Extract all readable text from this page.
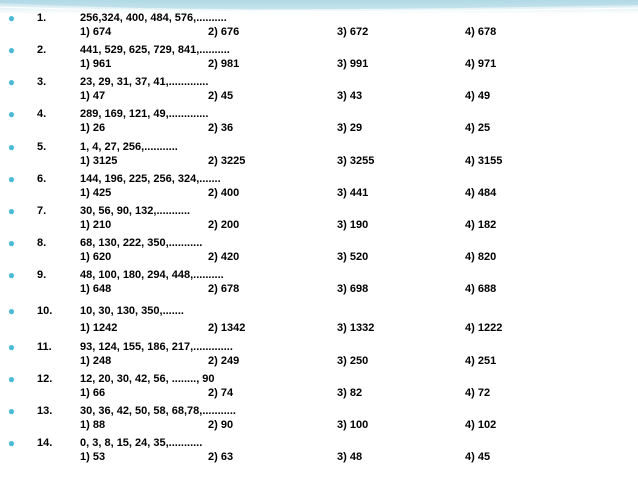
● 1.	256,324, 400, 484, 576,..........
1) 674	2) 676	3) 672	4) 678
● 2.	441, 529, 625, 729, 841,..........
1) 961	2) 981	3) 991	4) 971
● 3.	23, 29, 31, 37, 41,.............
1) 47	2) 45	3) 43	4) 49
● 4.	289, 169, 121, 49,.............
1) 26	2) 36	3) 29	4) 25
● 5.	1, 4, 27, 256,...........
1) 3125	2) 3225	3) 3255	4) 3155
● 6.	144, 196, 225, 256, 324,.......
1) 425	2) 400	3) 441	4) 484
● 7.	30, 56, 90, 132,...........
1) 210	2) 200	3) 190	4) 182
● 8.	68, 130, 222, 350,...........
1) 620	2) 420	3) 520	4) 820
● 9.	48, 100, 180, 294, 448,..........
1) 648	2) 678	3) 698	4) 688
● 10.	10, 30, 130, 350,.......
1) 1242	2) 1342	3) 1332	4) 1222
● 11.	93, 124, 155, 186, 217,.............
1) 248	2) 249	3) 250	4) 251
● 12.	12, 20, 30, 42, 56, ........, 90
1) 66	2) 74	3) 82	4) 72
● 13.	30, 36, 42, 50, 58, 68,78,...........
1) 88	2) 90	3) 100	4) 102
● 14.	0, 3, 8, 15, 24, 35,...........
1) 53	2) 63	3) 48	4) 45
